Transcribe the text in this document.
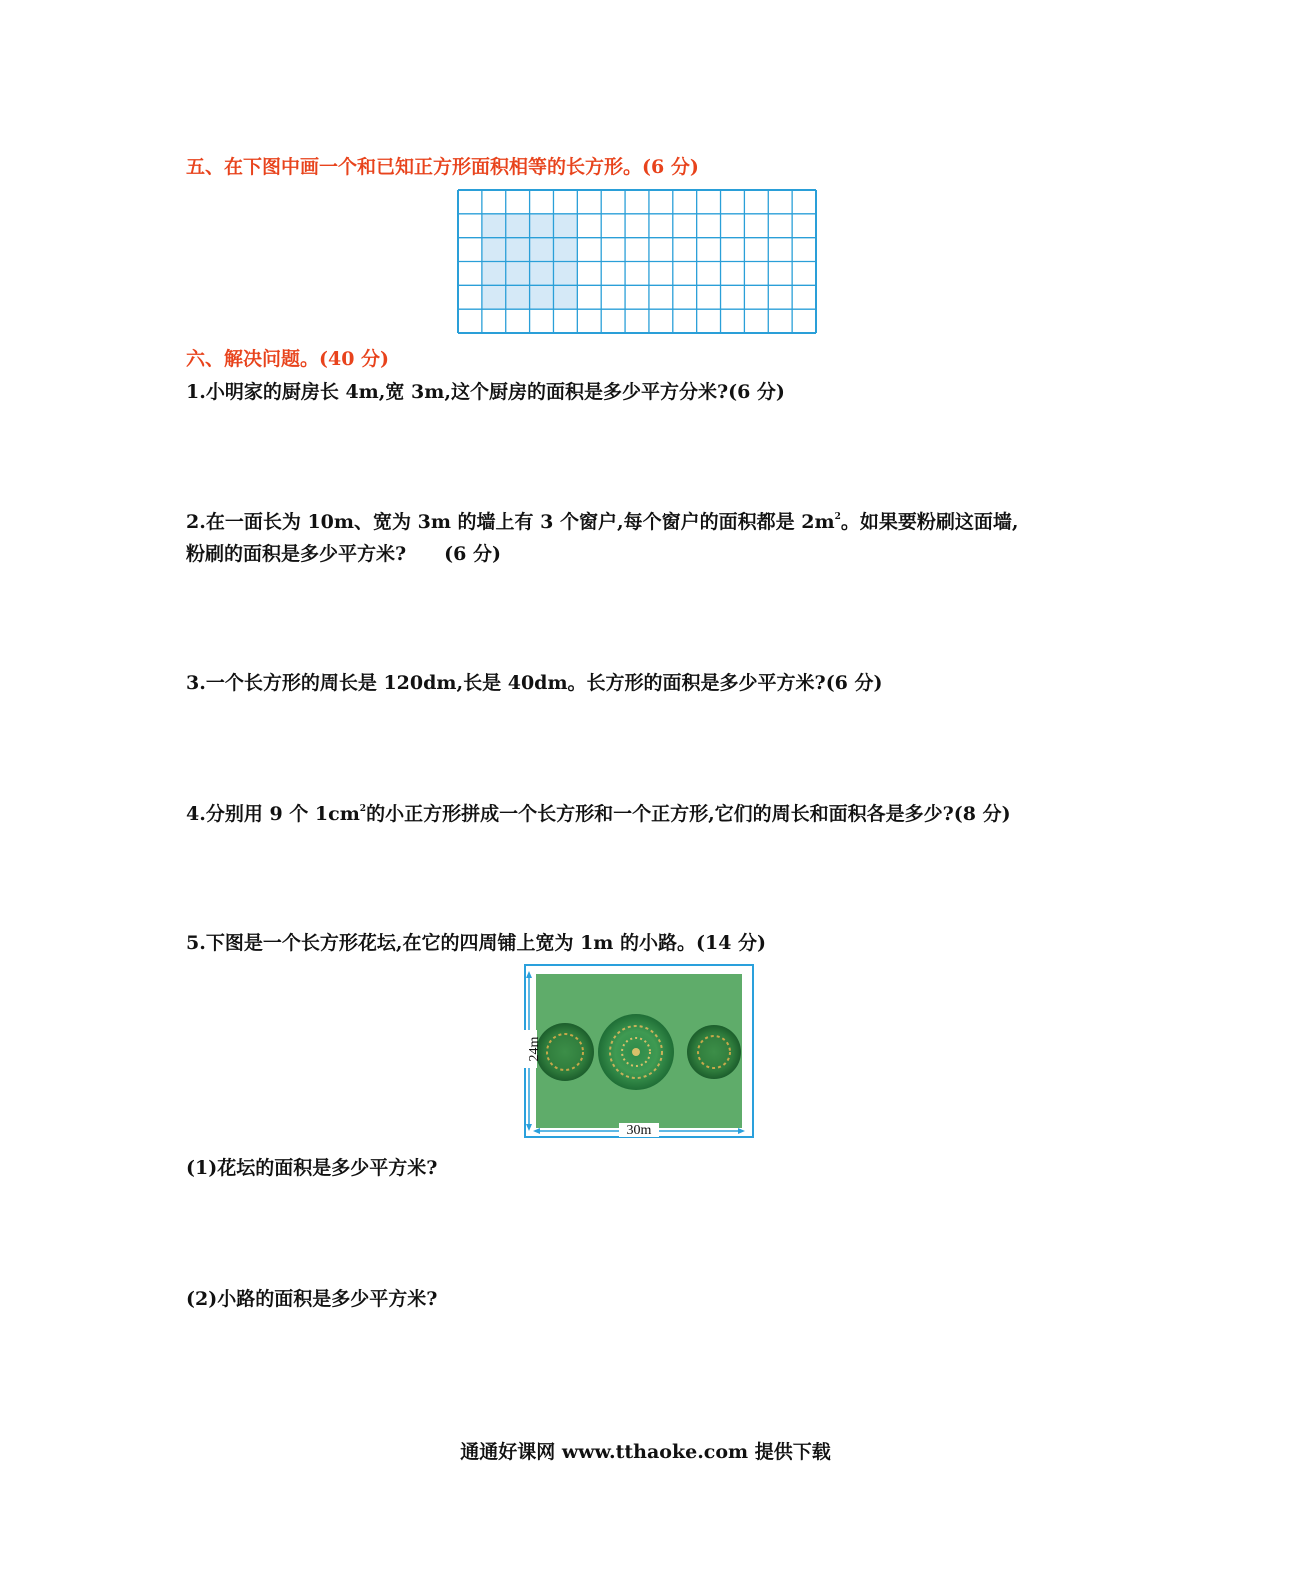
五、在下图中画一个和已知正方形面积相等的长方形。(6 分)
六、解决问题。(40 分)
1.小明家的厨房长 4m,宽 3m,这个厨房的面积是多少平方分米?(6 分)
2.在一面长为 10m、宽为 3m 的墙上有 3 个窗户,每个窗户的面积都是 $2m^2$。如果要粉刷这面墙,
粉刷的面积是多少平方米?　　(6 分)
3.一个长方形的周长是 120dm,长是 40dm。长方形的面积是多少平方米?(6 分)
4.分别用 9 个 $1cm^2$的小正方形拼成一个长方形和一个正方形,它们的周长和面积各是多少?(8 分)
5.下图是一个长方形花坛,在它的四周铺上宽为 1m 的小路。(14 分)
24m
30m
(1)花坛的面积是多少平方米?
(2)小路的面积是多少平方米?
通通好课网 www.tthaoke.com 提供下载
